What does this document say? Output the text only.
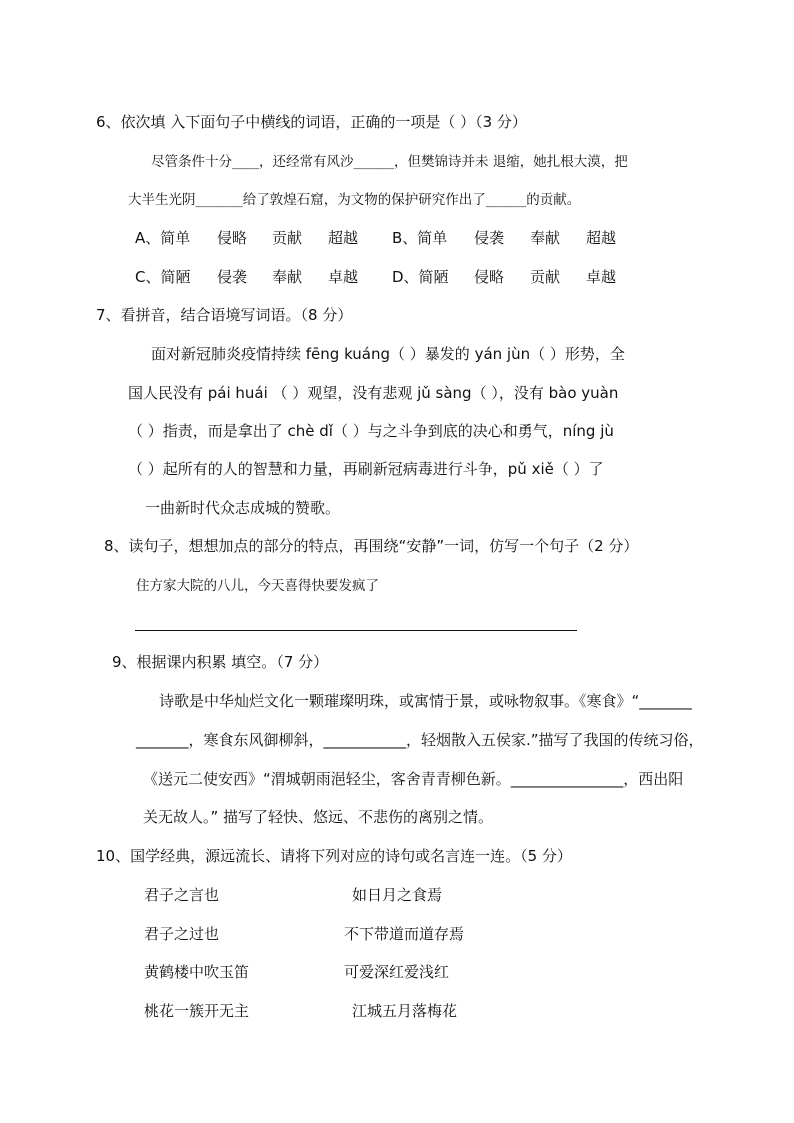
6、依次填 入下面句子中横线的词语，正确的一项是（ ）（3 分）
尽管条件十分____，还经常有风沙______，但樊锦诗并未 退缩，她扎根大漠，把
大半生光阴_______给了敦煌石窟，为文物的保护研究作出了______的贡献。
A、简单 侵略 贡献 超越 B、简单 侵袭 奉献 超越
C、简陋 侵袭 奉献 卓越 D、简陋 侵略 贡献 卓越
7、看拼音，结合语境写词语。（8 分）
面对新冠肺炎疫情持续 fēng kuáng（ ）暴发的 yán jùn（ ）形势，全
国人民没有 pái huái （ ）观望，没有悲观 jǔ sàng（ ），没有 bào yuàn
（ ）指责，而是拿出了 chè dǐ（ ）与之斗争到底的决心和勇气，níng jù
（ ）起所有的人的智慧和力量，再刷新冠病毒进行斗争，pǔ xiě（ ）了
一曲新时代众志成城的赞歌。
8、读句子，想想加点的部分的特点，再围绕“安静”一词，仿写一个句子（2 分）
住方家大院的八儿，今天喜得快要发疯了
9、根据课内积累 填空。（7 分）
诗歌是中华灿烂文化一颗璀璨明珠，或寓情于景，或咏物叙事。《寒食》“_______
_______，寒食东风御柳斜，___________，轻烟散入五侯家.”描写了我国的传统习俗，
《送元二使安西》“渭城朝雨浥轻尘，客舍青青柳色新。_______________，西出阳
关无故人。” 描写了轻快、悠远、不悲伤的离别之情。
10、国学经典，源远流长、请将下列对应的诗句或名言连一连。（5 分）
君子之言也	如日月之食焉
君子之过也	不下带道而道存焉
黄鹤楼中吹玉笛	可爱深红爱浅红
桃花一簇开无主	江城五月落梅花
